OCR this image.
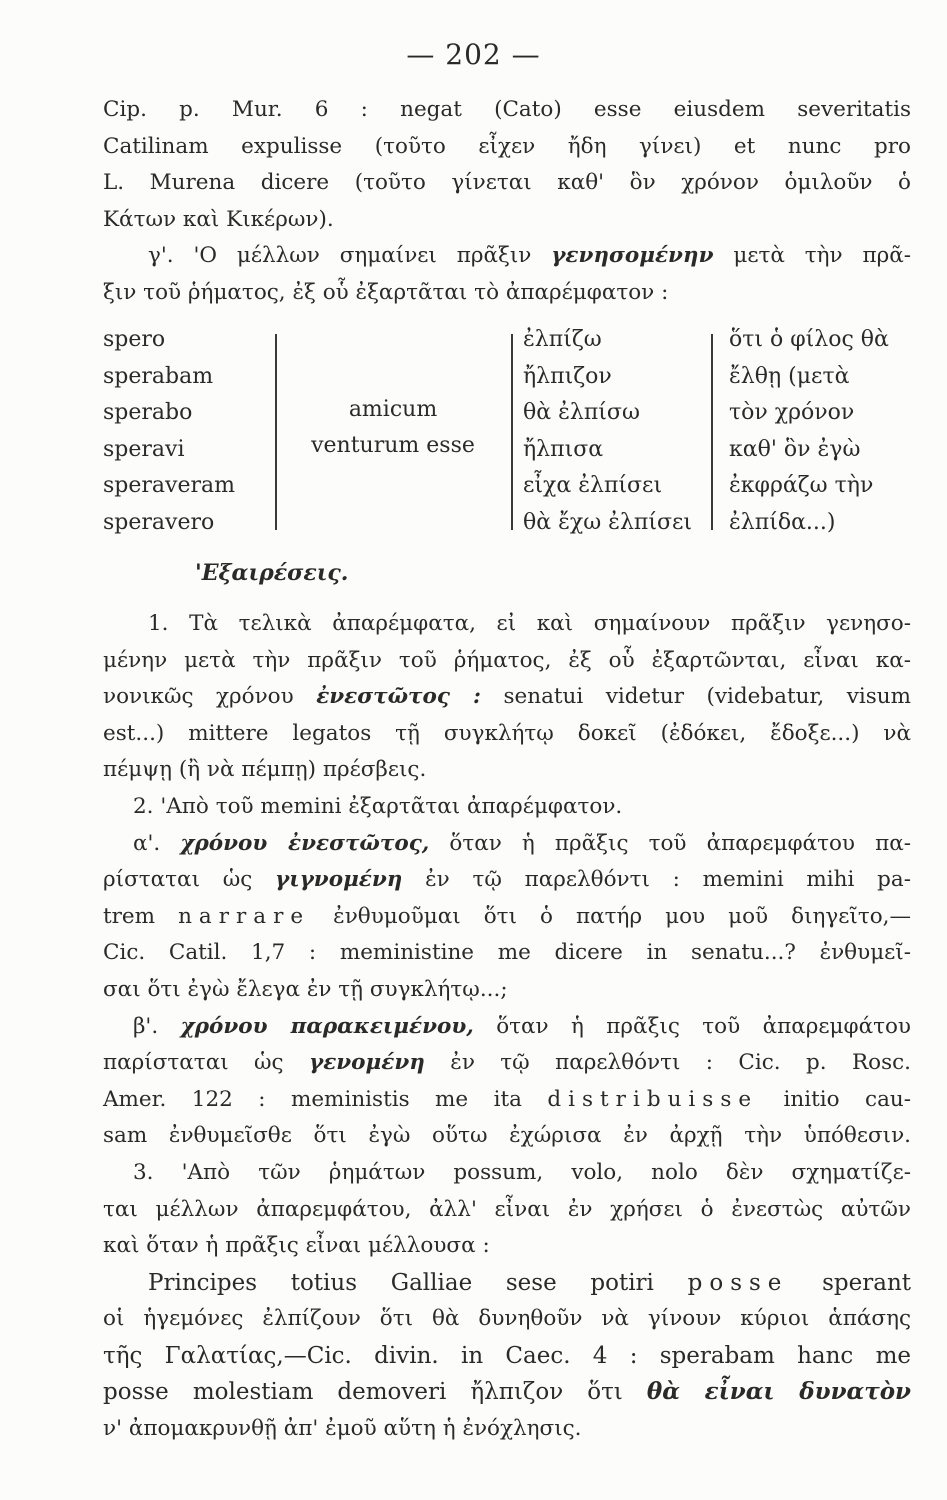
— 202 —
Cip. p. Mur. 6 : negat (Cato) esse eiusdem severitatis
Catilinam expulisse (τοῦτο εἶχεν ἤδη γίνει) et nunc pro
L. Murena dicere (τοῦτο γίνεται καθ' ὃν χρόνον ὁμιλοῦν ὁ
Κάτων καὶ Κικέρων).
γ'. 'Ο μέλλων σημαίνει πρᾶξιν γενησομένην μετὰ τὴν πρᾶ-
ξιν τοῦ ῥήματος, ἐξ οὗ ἐξαρτᾶται τὸ ἀπαρέμφατον :
spero
sperabam
sperabo
speravi
speraveram
speravero
amicum
venturum esse
ἐλπίζω
ἤλπιζον
θὰ ἐλπίσω
ἤλπισα
εἶχα ἐλπίσει
θὰ ἔχω ἐλπίσει
ὅτι ὁ φίλος θὰ
ἔλθῃ (μετὰ
τὸν χρόνον
καθ' ὃν ἐγὼ
ἐκφράζω τὴν
ἐλπίδα...)
'Εξαιρέσεις.
1. Τὰ τελικὰ ἀπαρέμφατα, εἰ καὶ σημαίνουν πρᾶξιν γενησο-
μένην μετὰ τὴν πρᾶξιν τοῦ ῥήματος, ἐξ οὗ ἐξαρτῶνται, εἶναι κα-
νονικῶς χρόνου ἐνεστῶτος : senatui videtur (videbatur, visum
est...) mittere legatos τῇ συγκλήτῳ δοκεῖ (ἐδόκει, ἔδοξε...) νὰ
πέμψῃ (ἢ νὰ πέμπῃ) πρέσβεις.
2. 'Απὸ τοῦ memini ἐξαρτᾶται ἀπαρέμφατον.
α'. χρόνου ἐνεστῶτος, ὅταν ἡ πρᾶξις τοῦ ἀπαρεμφάτου πα-
ρίσταται ὡς γιγνομένη ἐν τῷ παρελθόντι : memini mihi pa-
trem narrare ἐνθυμοῦμαι ὅτι ὁ πατήρ μου μοῦ διηγεῖτο,—
Cic. Catil. 1,7 : meministine me dicere in senatu...? ἐνθυμεῖ-
σαι ὅτι ἐγὼ ἔλεγα ἐν τῇ συγκλήτῳ...;
β'. χρόνου παρακειμένου, ὅταν ἡ πρᾶξις τοῦ ἀπαρεμφάτου
παρίσταται ὡς γενομένη ἐν τῷ παρελθόντι : Cic. p. Rosc.
Amer. 122 : meministis me ita distribuisse initio cau-
sam ἐνθυμεῖσθε ὅτι ἐγὼ οὕτω ἐχώρισα ἐν ἀρχῇ τὴν ὑπόθεσιν.
3. 'Απὸ τῶν ῥημάτων possum, volo, nolo δὲν σχηματίζε-
ται μέλλων ἀπαρεμφάτου, ἀλλ' εἶναι ἐν χρήσει ὁ ἐνεστὼς αὐτῶν
καὶ ὅταν ἡ πρᾶξις εἶναι μέλλουσα :
Principes totius Galliae sese potiri posse sperant
οἱ ἡγεμόνες ἐλπίζουν ὅτι θὰ δυνηθοῦν νὰ γίνουν κύριοι ἁπάσης
τῆς Γαλατίας,—Cic. divin. in Caec. 4 : sperabam hanc me
posse molestiam demoveri ἤλπιζον ὅτι θὰ εἶναι δυνατὸν
ν' ἀπομακρυνθῇ ἀπ' ἐμοῦ αὕτη ἡ ἐνόχλησις.
